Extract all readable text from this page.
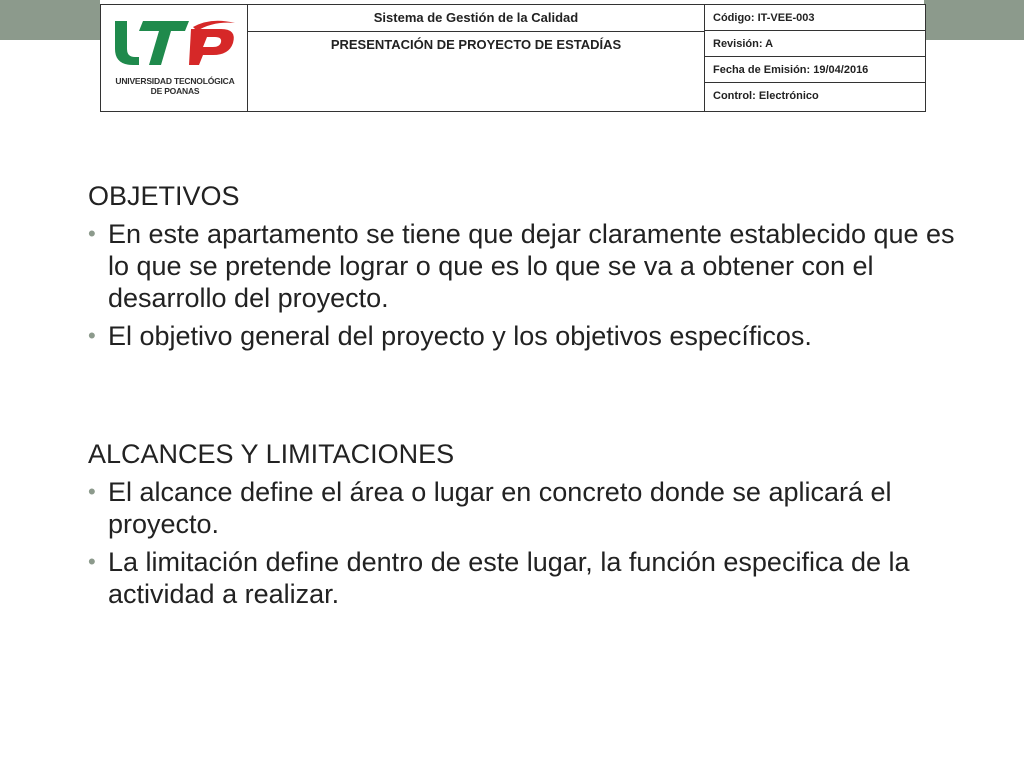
UNIVERSIDAD TECNOLÓGICA
DE POANAS

Sistema de Gestión de la Calidad
PRESENTACIÓN DE PROYECTO DE ESTADÍAS

Código: IT-VEE-003
Revisión: A
Fecha de Emisión: 19/04/2016
Control: Electrónico
OBJETIVOS
• En este apartamento se tiene que dejar claramente establecido que es lo que se pretende lograr o que es lo que se va a obtener con el desarrollo del proyecto.
• El objetivo general del proyecto y los objetivos específicos.
ALCANCES Y LIMITACIONES
• El alcance define el área o lugar en concreto donde se aplicará el proyecto.
• La limitación define dentro de este lugar, la función especifica de la actividad a realizar.
